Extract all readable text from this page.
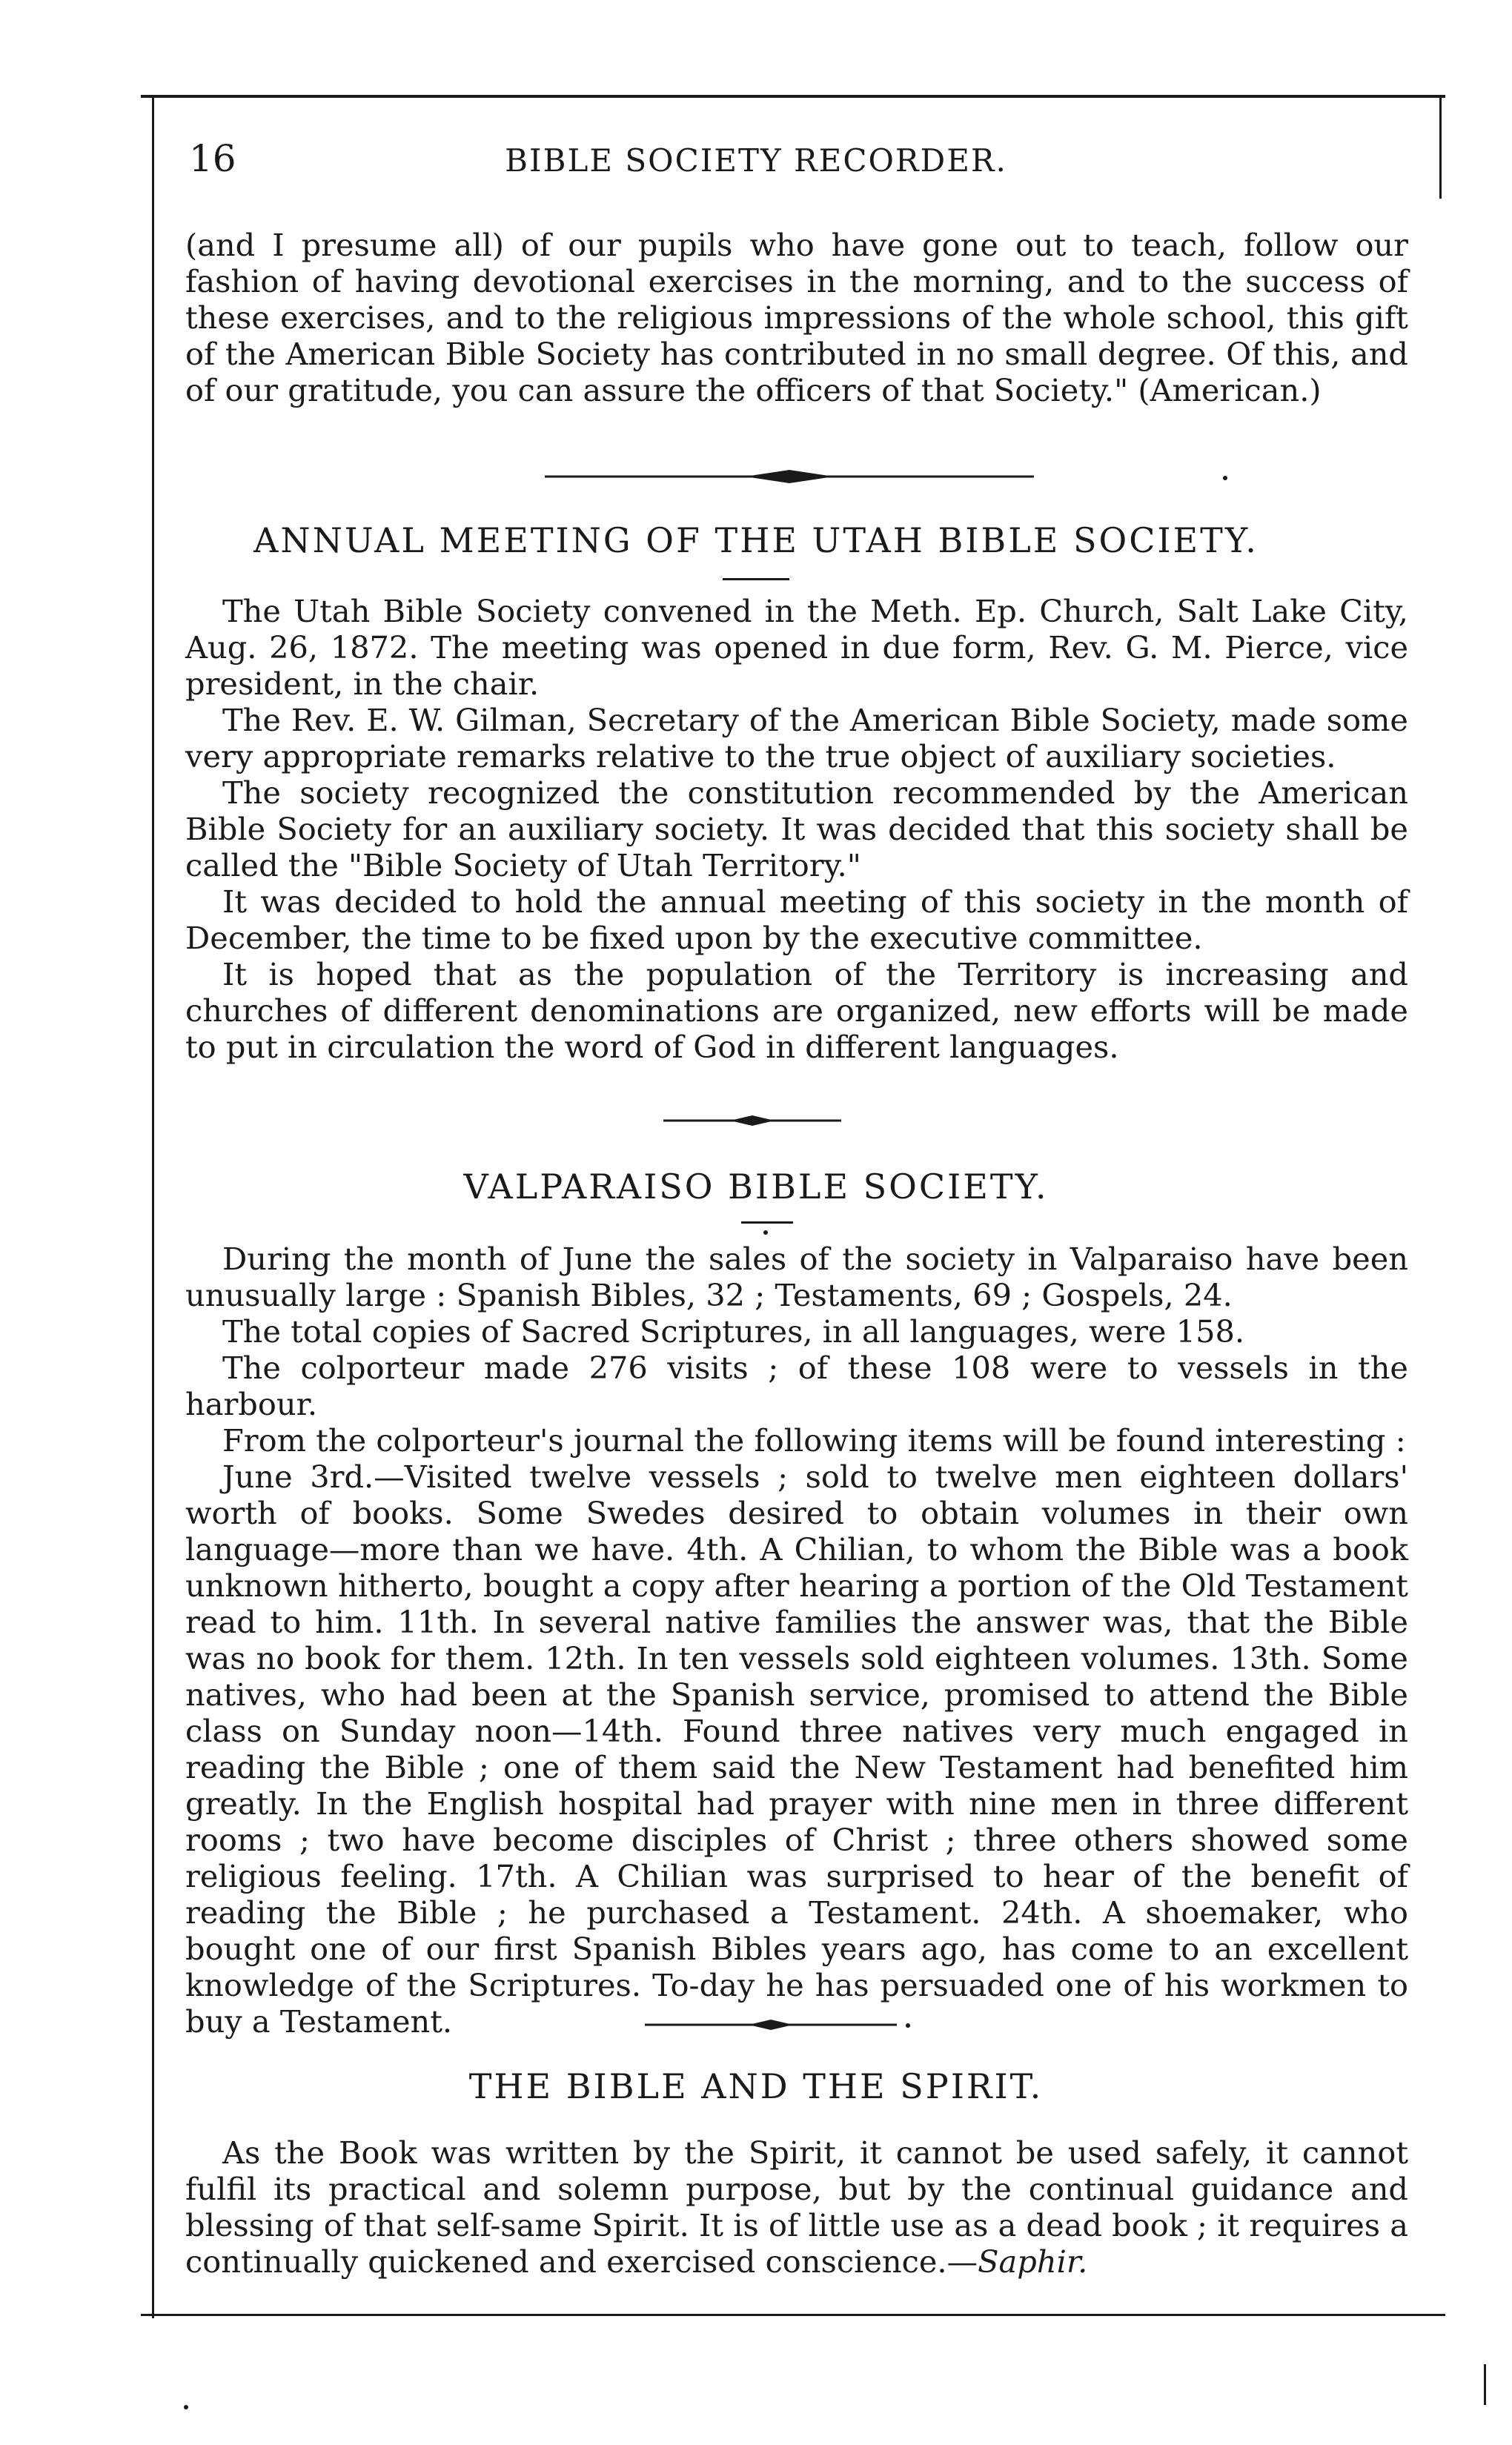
16	BIBLE SOCIETY RECORDER.

(and I presume all) of our pupils who have gone out to teach, follow our fashion of having devotional exercises in the morning, and to the success of these exercises, and to the religious impressions of the whole school, this gift of the American Bible Society has contributed in no small degree. Of this, and of our gratitude, you can assure the officers of that Society." (American.)

ANNUAL MEETING OF THE UTAH BIBLE SOCIETY.

The Utah Bible Society convened in the Meth. Ep. Church, Salt Lake City, Aug. 26, 1872. The meeting was opened in due form, Rev. G. M. Pierce, vice president, in the chair.

The Rev. E. W. Gilman, Secretary of the American Bible Society, made some very appropriate remarks relative to the true object of auxiliary societies.

The society recognized the constitution recommended by the American Bible Society for an auxiliary society. It was decided that this society shall be called the "Bible Society of Utah Territory."

It was decided to hold the annual meeting of this society in the month of December, the time to be fixed upon by the executive committee.

It is hoped that as the population of the Territory is increasing and churches of different denominations are organized, new efforts will be made to put in circulation the word of God in different languages.

VALPARAISO BIBLE SOCIETY.

During the month of June the sales of the society in Valparaiso have been unusually large : Spanish Bibles, 32 ; Testaments, 69 ; Gospels, 24.

The total copies of Sacred Scriptures, in all languages, were 158.

The colporteur made 276 visits ; of these 108 were to vessels in the harbour.

From the colporteur's journal the following items will be found interesting :

June 3rd.—Visited twelve vessels ; sold to twelve men eighteen dollars' worth of books. Some Swedes desired to obtain volumes in their own language—more than we have. 4th. A Chilian, to whom the Bible was a book unknown hitherto, bought a copy after hearing a portion of the Old Testament read to him. 11th. In several native families the answer was, that the Bible was no book for them. 12th. In ten vessels sold eighteen volumes. 13th. Some natives, who had been at the Spanish service, promised to attend the Bible class on Sunday noon—14th. Found three natives very much engaged in reading the Bible ; one of them said the New Testament had benefited him greatly. In the English hospital had prayer with nine men in three different rooms ; two have become disciples of Christ ; three others showed some religious feeling. 17th. A Chilian was surprised to hear of the benefit of reading the Bible ; he purchased a Testament. 24th. A shoemaker, who bought one of our first Spanish Bibles years ago, has come to an excellent knowledge of the Scriptures. To-day he has persuaded one of his workmen to buy a Testament.

THE BIBLE AND THE SPIRIT.

As the Book was written by the Spirit, it cannot be used safely, it cannot fulfil its practical and solemn purpose, but by the continual guidance and blessing of that self-same Spirit. It is of little use as a dead book ; it requires a continually quickened and exercised conscience.—Saphir.
